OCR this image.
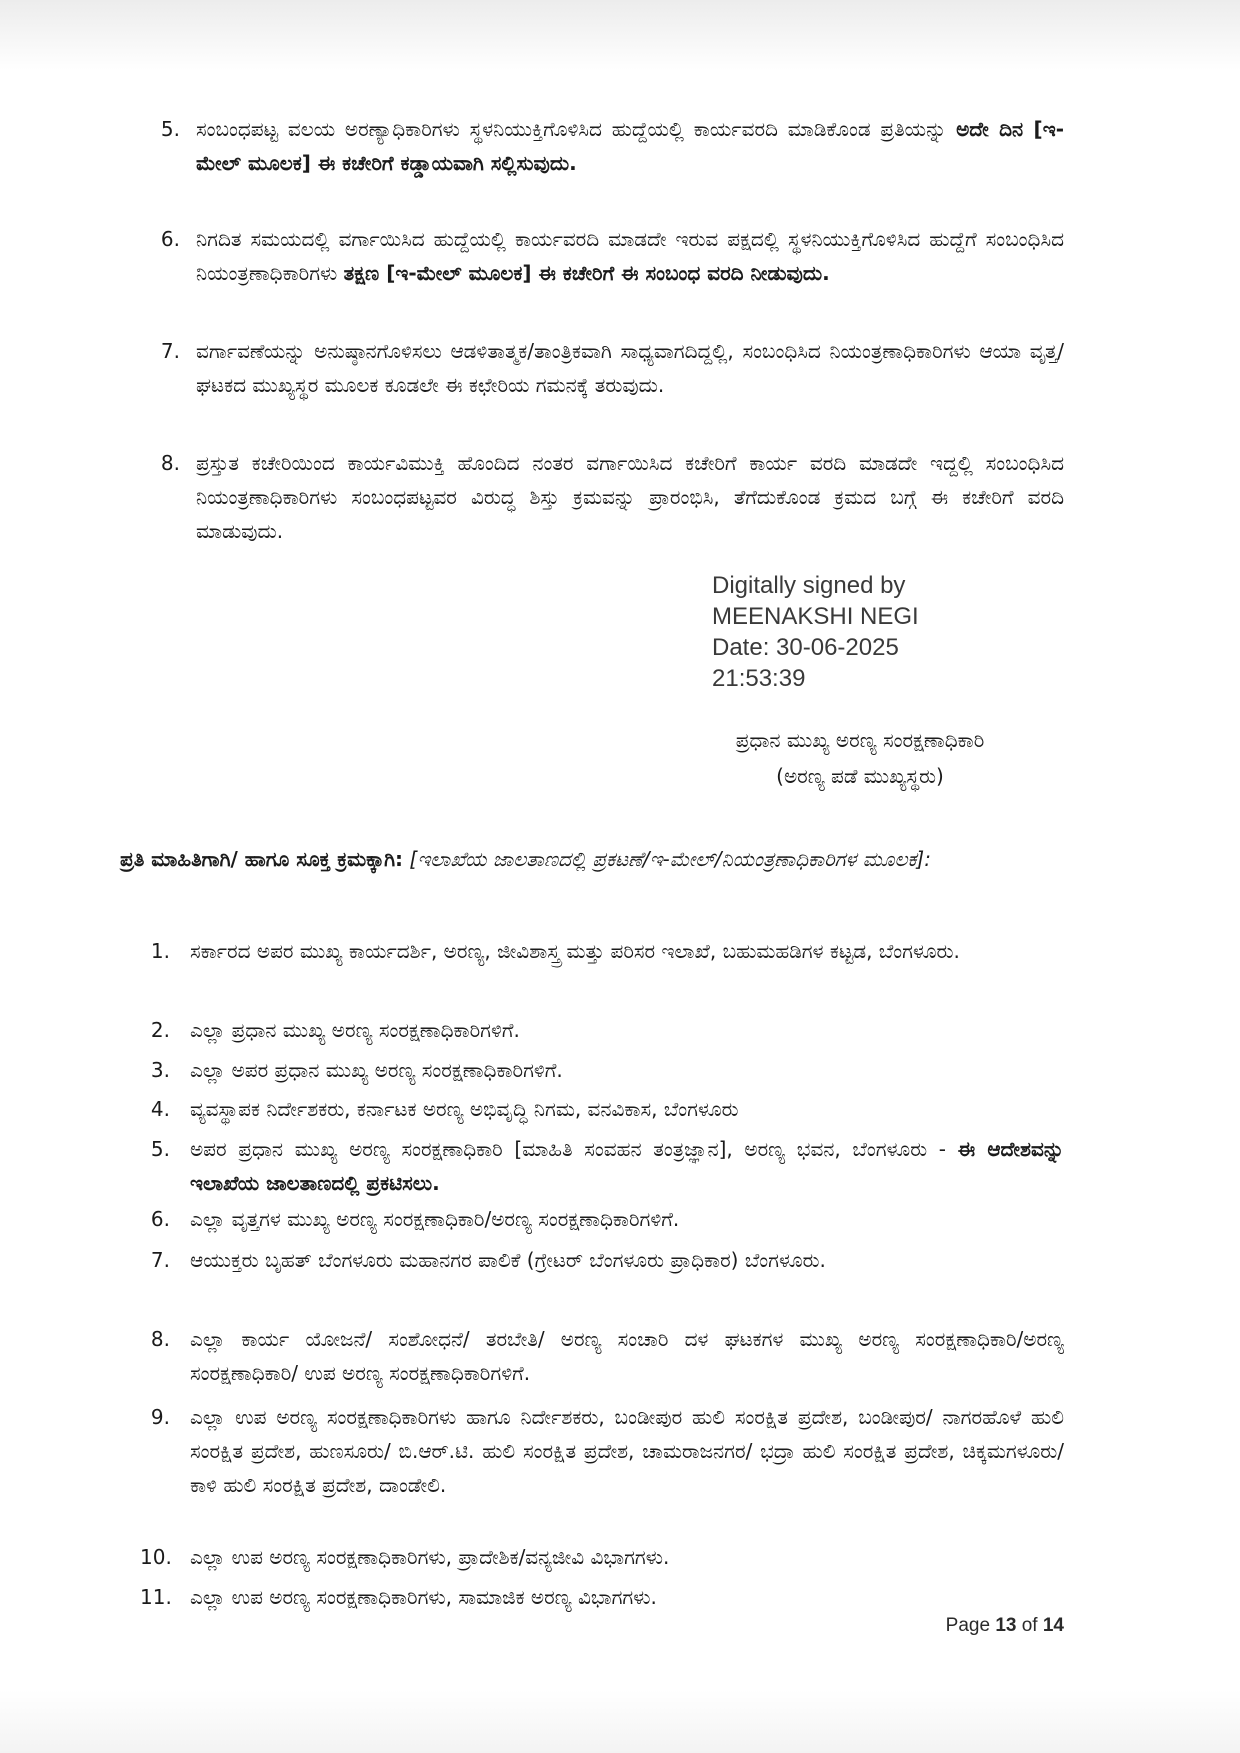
5. ಸಂಬಂಧಪಟ್ಟ ವಲಯ ಅರಣ್ಯಾಧಿಕಾರಿಗಳು ಸ್ಥಳನಿಯುಕ್ತಿಗೊಳಿಸಿದ ಹುದ್ದೆಯಲ್ಲಿ ಕಾರ್ಯವರದಿ ಮಾಡಿಕೊಂಡ ಪ್ರತಿಯನ್ನು ಅದೇ ದಿನ [ಇ-ಮೇಲ್ ಮೂಲಕ] ಈ ಕಚೇರಿಗೆ ಕಡ್ಡಾಯವಾಗಿ ಸಲ್ಲಿಸುವುದು.
6. ನಿಗದಿತ ಸಮಯದಲ್ಲಿ ವರ್ಗಾಯಿಸಿದ ಹುದ್ದೆಯಲ್ಲಿ ಕಾರ್ಯವರದಿ ಮಾಡದೇ ಇರುವ ಪಕ್ಷದಲ್ಲಿ ಸ್ಥಳನಿಯುಕ್ತಿಗೊಳಿಸಿದ ಹುದ್ದೆಗೆ ಸಂಬಂಧಿಸಿದ ನಿಯಂತ್ರಣಾಧಿಕಾರಿಗಳು ತಕ್ಷಣ [ಇ-ಮೇಲ್ ಮೂಲಕ] ಈ ಕಚೇರಿಗೆ ಈ ಸಂಬಂಧ ವರದಿ ನೀಡುವುದು.
7. ವರ್ಗಾವಣೆಯನ್ನು ಅನುಷ್ಠಾನಗೊಳಿಸಲು ಆಡಳಿತಾತ್ಮಕ/ತಾಂತ್ರಿಕವಾಗಿ ಸಾಧ್ಯವಾಗದಿದ್ದಲ್ಲಿ, ಸಂಬಂಧಿಸಿದ ನಿಯಂತ್ರಣಾಧಿಕಾರಿಗಳು ಆಯಾ ವೃತ್ತ/ಘಟಕದ ಮುಖ್ಯಸ್ಥರ ಮೂಲಕ ಕೂಡಲೇ ಈ ಕಛೇರಿಯ ಗಮನಕ್ಕೆ ತರುವುದು.
8. ಪ್ರಸ್ತುತ ಕಚೇರಿಯಿಂದ ಕಾರ್ಯವಿಮುಕ್ತಿ ಹೊಂದಿದ ನಂತರ ವರ್ಗಾಯಿಸಿದ ಕಚೇರಿಗೆ ಕಾರ್ಯ ವರದಿ ಮಾಡದೇ ಇದ್ದಲ್ಲಿ ಸಂಬಂಧಿಸಿದ ನಿಯಂತ್ರಣಾಧಿಕಾರಿಗಳು ಸಂಬಂಧಪಟ್ಟವರ ವಿರುದ್ಧ ಶಿಸ್ತು ಕ್ರಮವನ್ನು ಪ್ರಾರಂಭಿಸಿ, ತೆಗೆದುಕೊಂಡ ಕ್ರಮದ ಬಗ್ಗೆ ಈ ಕಚೇರಿಗೆ ವರದಿ ಮಾಡುವುದು.
Digitally signed by
MEENAKSHI NEGI
Date: 30-06-2025
21:53:39
ಪ್ರಧಾನ ಮುಖ್ಯ ಅರಣ್ಯ ಸಂರಕ್ಷಣಾಧಿಕಾರಿ
(ಅರಣ್ಯ ಪಡೆ ಮುಖ್ಯಸ್ಥರು)
ಪ್ರತಿ ಮಾಹಿತಿಗಾಗಿ/ ಹಾಗೂ ಸೂಕ್ತ ಕ್ರಮಕ್ಕಾಗಿ: [ಇಲಾಖೆಯ ಜಾಲತಾಣದಲ್ಲಿ ಪ್ರಕಟಣೆ/ಇ-ಮೇಲ್/ನಿಯಂತ್ರಣಾಧಿಕಾರಿಗಳ ಮೂಲಕ]:
1. ಸರ್ಕಾರದ ಅಪರ ಮುಖ್ಯ ಕಾರ್ಯದರ್ಶಿ, ಅರಣ್ಯ, ಜೀವಿಶಾಸ್ತ್ರ ಮತ್ತು ಪರಿಸರ ಇಲಾಖೆ, ಬಹುಮಹಡಿಗಳ ಕಟ್ಟಡ, ಬೆಂಗಳೂರು.
2. ಎಲ್ಲಾ ಪ್ರಧಾನ ಮುಖ್ಯ ಅರಣ್ಯ ಸಂರಕ್ಷಣಾಧಿಕಾರಿಗಳಿಗೆ.
3. ಎಲ್ಲಾ ಅಪರ ಪ್ರಧಾನ ಮುಖ್ಯ ಅರಣ್ಯ ಸಂರಕ್ಷಣಾಧಿಕಾರಿಗಳಿಗೆ.
4. ವ್ಯವಸ್ಥಾಪಕ ನಿರ್ದೇಶಕರು, ಕರ್ನಾಟಕ ಅರಣ್ಯ ಅಭಿವೃದ್ಧಿ ನಿಗಮ, ವನವಿಕಾಸ, ಬೆಂಗಳೂರು
5. ಅಪರ ಪ್ರಧಾನ ಮುಖ್ಯ ಅರಣ್ಯ ಸಂರಕ್ಷಣಾಧಿಕಾರಿ [ಮಾಹಿತಿ ಸಂವಹನ ತಂತ್ರಜ್ಞಾನ], ಅರಣ್ಯ ಭವನ, ಬೆಂಗಳೂರು - ಈ ಆದೇಶವನ್ನು ಇಲಾಖೆಯ ಜಾಲತಾಣದಲ್ಲಿ ಪ್ರಕಟಿಸಲು.
6. ಎಲ್ಲಾ ವೃತ್ತಗಳ ಮುಖ್ಯ ಅರಣ್ಯ ಸಂರಕ್ಷಣಾಧಿಕಾರಿ/ಅರಣ್ಯ ಸಂರಕ್ಷಣಾಧಿಕಾರಿಗಳಿಗೆ.
7. ಆಯುಕ್ತರು ಬೃಹತ್ ಬೆಂಗಳೂರು ಮಹಾನಗರ ಪಾಲಿಕೆ (ಗ್ರೇಟರ್ ಬೆಂಗಳೂರು ಪ್ರಾಧಿಕಾರ) ಬೆಂಗಳೂರು.
8. ಎಲ್ಲಾ ಕಾರ್ಯ ಯೋಜನೆ/ ಸಂಶೋಧನೆ/ ತರಬೇತಿ/ ಅರಣ್ಯ ಸಂಚಾರಿ ದಳ ಘಟಕಗಳ ಮುಖ್ಯ ಅರಣ್ಯ ಸಂರಕ್ಷಣಾಧಿಕಾರಿ/ಅರಣ್ಯ ಸಂರಕ್ಷಣಾಧಿಕಾರಿ/ ಉಪ ಅರಣ್ಯ ಸಂರಕ್ಷಣಾಧಿಕಾರಿಗಳಿಗೆ.
9. ಎಲ್ಲಾ ಉಪ ಅರಣ್ಯ ಸಂರಕ್ಷಣಾಧಿಕಾರಿಗಳು ಹಾಗೂ ನಿರ್ದೇಶಕರು, ಬಂಡೀಪುರ ಹುಲಿ ಸಂರಕ್ಷಿತ ಪ್ರದೇಶ, ಬಂಡೀಪುರ/ ನಾಗರಹೊಳೆ ಹುಲಿ ಸಂರಕ್ಷಿತ ಪ್ರದೇಶ, ಹುಣಸೂರು/ ಬಿ.ಆರ್.ಟಿ. ಹುಲಿ ಸಂರಕ್ಷಿತ ಪ್ರದೇಶ, ಚಾಮರಾಜನಗರ/ ಭದ್ರಾ ಹುಲಿ ಸಂರಕ್ಷಿತ ಪ್ರದೇಶ, ಚಿಕ್ಕಮಗಳೂರು/ ಕಾಳಿ ಹುಲಿ ಸಂರಕ್ಷಿತ ಪ್ರದೇಶ, ದಾಂಡೇಲಿ.
10. ಎಲ್ಲಾ ಉಪ ಅರಣ್ಯ ಸಂರಕ್ಷಣಾಧಿಕಾರಿಗಳು, ಪ್ರಾದೇಶಿಕ/ವನ್ಯಜೀವಿ ವಿಭಾಗಗಳು.
11. ಎಲ್ಲಾ ಉಪ ಅರಣ್ಯ ಸಂರಕ್ಷಣಾಧಿಕಾರಿಗಳು, ಸಾಮಾಜಿಕ ಅರಣ್ಯ ವಿಭಾಗಗಳು.
Page 13 of 14
